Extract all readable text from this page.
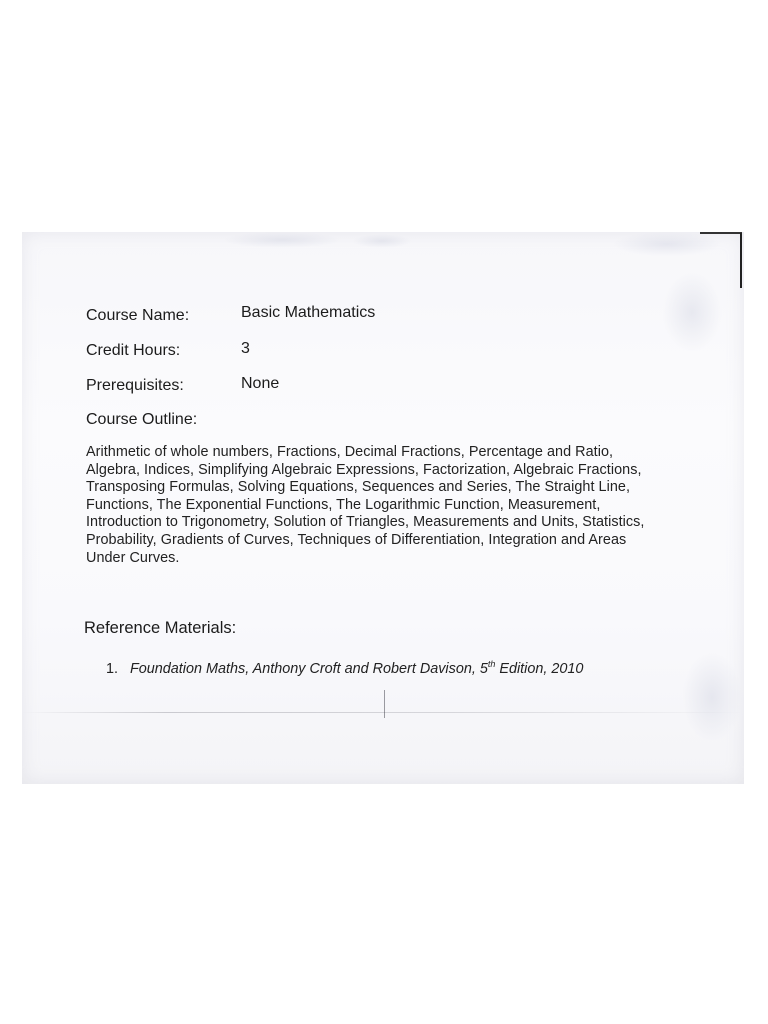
Course Name:	Basic Mathematics
Credit Hours:	3
Prerequisites:	None
Course Outline:
Arithmetic of whole numbers, Fractions, Decimal Fractions, Percentage and Ratio, Algebra, Indices, Simplifying Algebraic Expressions, Factorization, Algebraic Fractions, Transposing Formulas, Solving Equations, Sequences and Series, The Straight Line, Functions, The Exponential Functions, The Logarithmic Function, Measurement, Introduction to Trigonometry, Solution of Triangles, Measurements and Units, Statistics, Probability, Gradients of Curves, Techniques of Differentiation, Integration and Areas Under Curves.
Reference Materials:
1. Foundation Maths, Anthony Croft and Robert Davison, 5th Edition, 2010
